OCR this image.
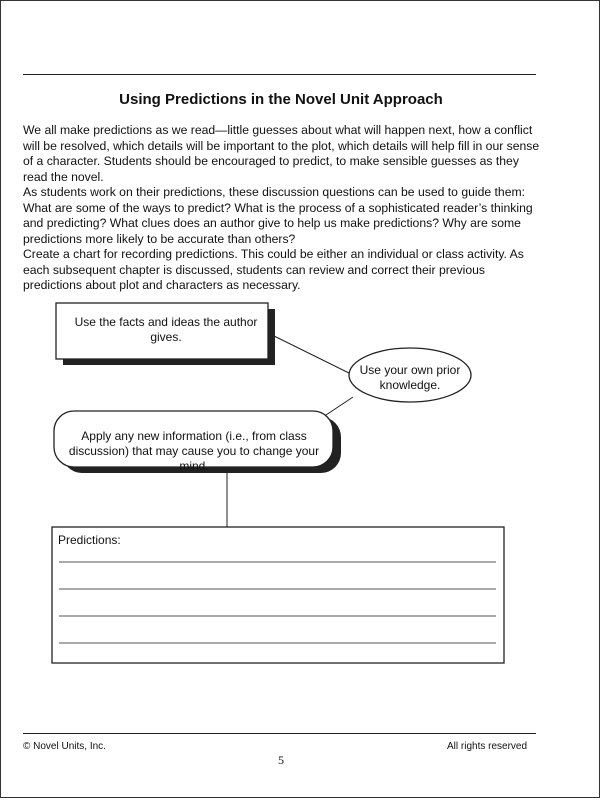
Using Predictions in the Novel Unit Approach

We all make predictions as we read—little guesses about what will happen next, how a conflict will be resolved, which details will be important to the plot, which details will help fill in our sense of a character. Students should be encouraged to predict, to make sensible guesses as they read the novel.

As students work on their predictions, these discussion questions can be used to guide them: What are some of the ways to predict? What is the process of a sophisticated reader’s thinking and predicting? What clues does an author give to help us make predictions? Why are some predictions more likely to be accurate than others?

Create a chart for recording predictions. This could be either an individual or class activity. As each subsequent chapter is discussed, students can review and correct their previous predictions about plot and characters as necessary.

Use the facts and ideas the author gives.
Use your own prior knowledge.
Apply any new information (i.e., from class discussion) that may cause you to change your mind.
Predictions:
© Novel Units, Inc.	All rights reserved
5
